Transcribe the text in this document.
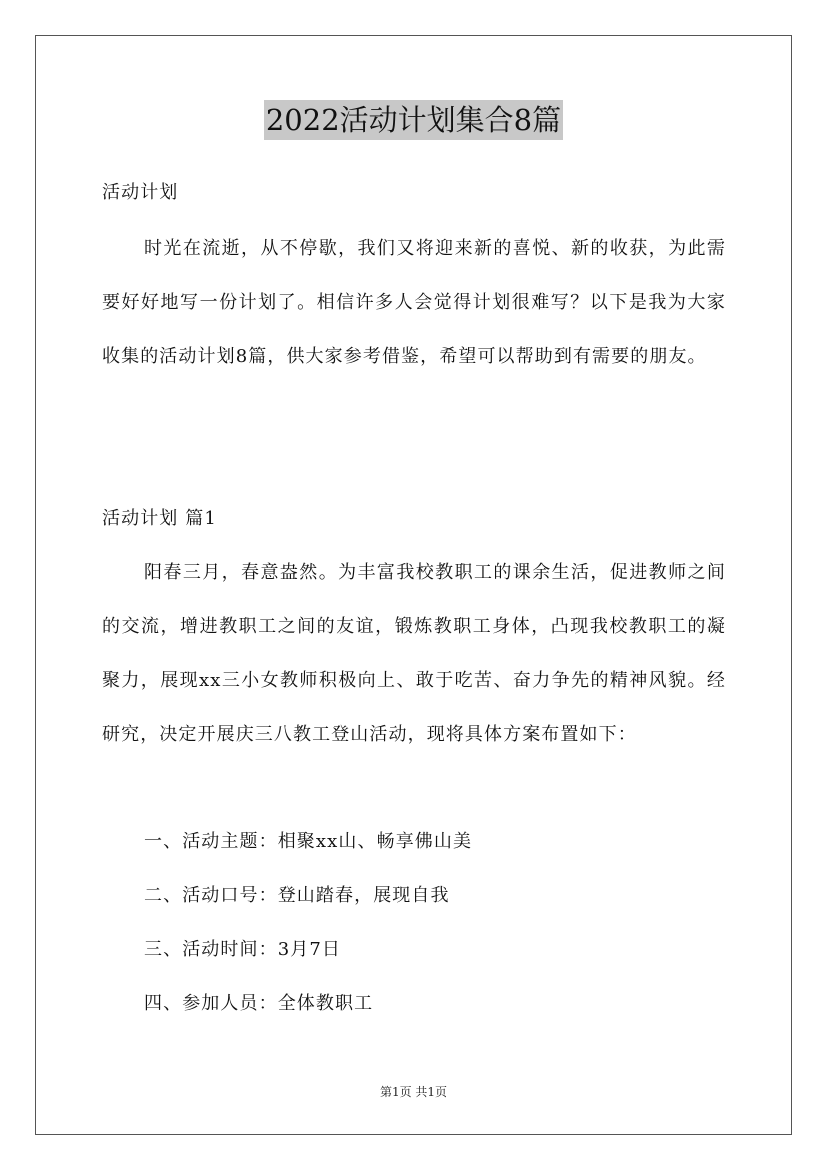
2022活动计划集合8篇
活动计划
时光在流逝，从不停歇，我们又将迎来新的喜悦、新的收获，为此需要好好地写一份计划了。相信许多人会觉得计划很难写？以下是我为大家收集的活动计划8篇，供大家参考借鉴，希望可以帮助到有需要的朋友。
活动计划 篇1
阳春三月，春意盎然。为丰富我校教职工的课余生活，促进教师之间的交流，增进教职工之间的友谊，锻炼教职工身体，凸现我校教职工的凝聚力，展现xx三小女教师积极向上、敢于吃苦、奋力争先的精神风貌。经研究，决定开展庆三八教工登山活动，现将具体方案布置如下：
一、活动主题：相聚xx山、畅享佛山美
二、活动口号：登山踏春，展现自我
三、活动时间：3月7日
四、参加人员：全体教职工
第1页 共1页
